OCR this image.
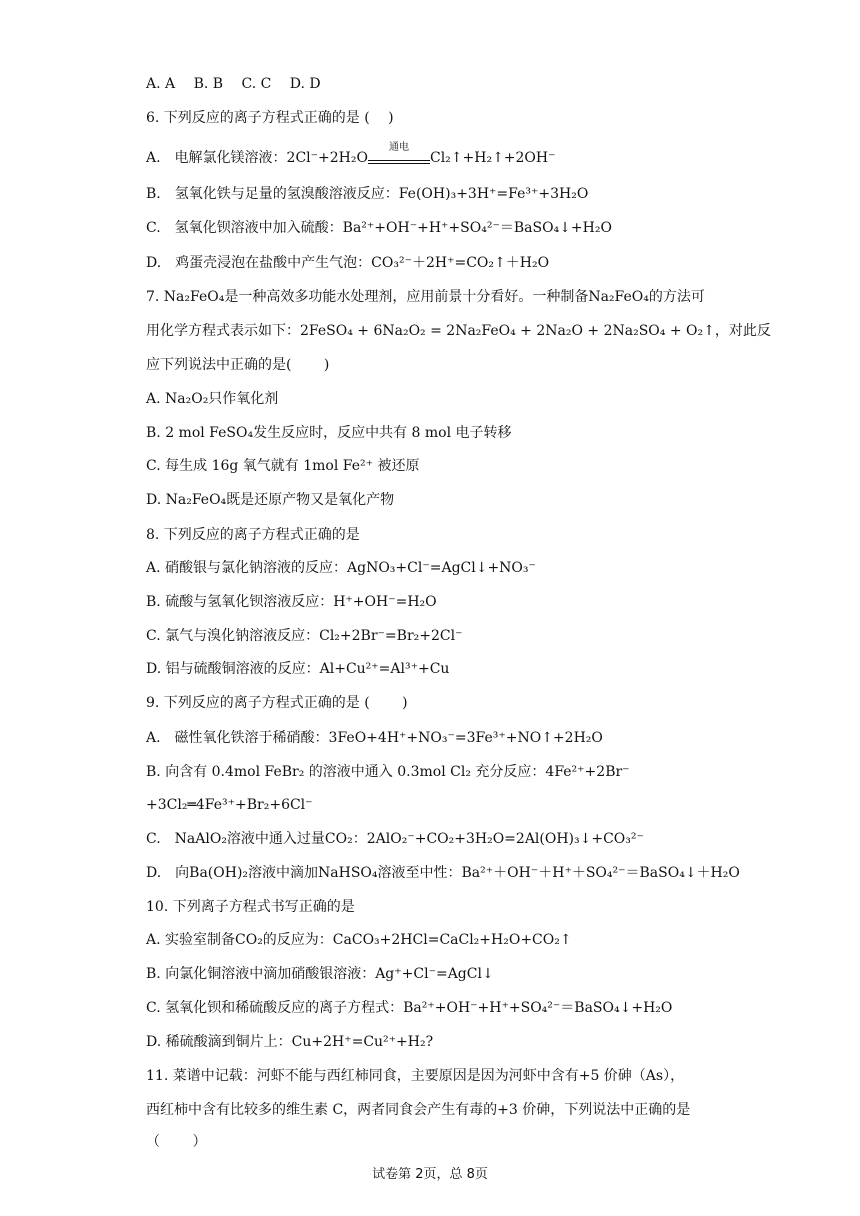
A. A　 B. B　 C. C　 D. D
6. 下列反应的离子方程式正确的是 (　 )
A.　电解氯化镁溶液：2Cl⁻+2H₂O
通电
Cl₂↑+H₂↑+2OH⁻
B.　氢氧化铁与足量的氢溴酸溶液反应：Fe(OH)₃+3H⁺=Fe³⁺+3H₂O
C.　氢氧化钡溶液中加入硫酸：Ba²⁺+OH⁻+H⁺+SO₄²⁻＝BaSO₄↓+H₂O
D.　鸡蛋壳浸泡在盐酸中产生气泡：CO₃²⁻＋2H⁺=CO₂↑＋H₂O
7. Na₂FeO₄是一种高效多功能水处理剂，应用前景十分看好。一种制备Na₂FeO₄的方法可
用化学方程式表示如下：2FeSO₄ + 6Na₂O₂ = 2Na₂FeO₄ + 2Na₂O + 2Na₂SO₄ + O₂↑，对此反
应下列说法中正确的是(　　 )
A. Na₂O₂只作氧化剂
B. 2 mol FeSO₄发生反应时，反应中共有 8 mol 电子转移
C. 每生成 16g 氧气就有 1mol Fe²⁺ 被还原
D. Na₂FeO₄既是还原产物又是氧化产物
8. 下列反应的离子方程式正确的是
A. 硝酸银与氯化钠溶液的反应：AgNO₃+Cl⁻=AgCl↓+NO₃⁻
B. 硫酸与氢氧化钡溶液反应：H⁺+OH⁻=H₂O
C. 氯气与溴化钠溶液反应：Cl₂+2Br⁻=Br₂+2Cl⁻
D. 铝与硫酸铜溶液的反应：Al+Cu²⁺=Al³⁺+Cu
9. 下列反应的离子方程式正确的是 (　　 )
A.　磁性氧化铁溶于稀硝酸：3FeO+4H⁺+NO₃⁻=3Fe³⁺+NO↑+2H₂O
B. 向含有 0.4mol FeBr₂ 的溶液中通入 0.3mol Cl₂ 充分反应：4Fe²⁺+2Br⁻
+3Cl₂═4Fe³⁺+Br₂+6Cl⁻
C.　NaAlO₂溶液中通入过量CO₂：2AlO₂⁻+CO₂+3H₂O=2Al(OH)₃↓+CO₃²⁻
D.　向Ba(OH)₂溶液中滴加NaHSO₄溶液至中性：Ba²⁺＋OH⁻＋H⁺＋SO₄²⁻＝BaSO₄↓＋H₂O
10. 下列离子方程式书写正确的是
A. 实验室制备CO₂的反应为：CaCO₃+2HCl=CaCl₂+H₂O+CO₂↑
B. 向氯化铜溶液中滴加硝酸银溶液：Ag⁺+Cl⁻=AgCl↓
C. 氢氧化钡和稀硫酸反应的离子方程式：Ba²⁺+OH⁻+H⁺+SO₄²⁻＝BaSO₄↓+H₂O
D. 稀硫酸滴到铜片上：Cu+2H⁺=Cu²⁺+H₂?
11. 菜谱中记载：河虾不能与西红柿同食，主要原因是因为河虾中含有+5 价砷（As），
西红柿中含有比较多的维生素 C，两者同食会产生有毒的+3 价砷，下列说法中正确的是
（　　 ）
试卷第 2页，总 8页
